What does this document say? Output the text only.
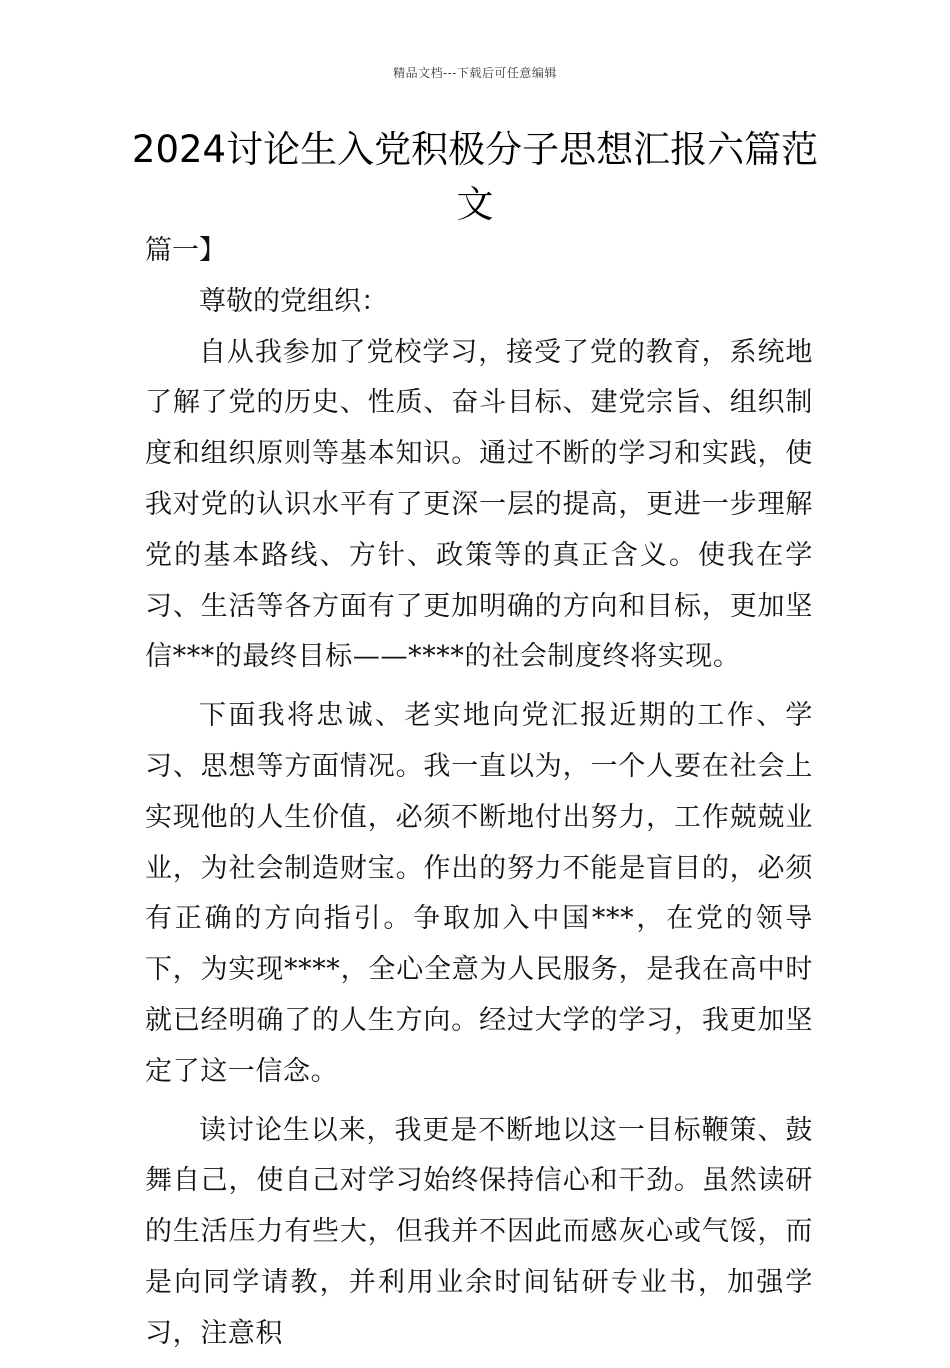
精品文档---下载后可任意编辑
2024讨论生入党积极分子思想汇报六篇范文

篇一】

尊敬的党组织：

自从我参加了党校学习，接受了党的教育，系统地了解了党的历史、性质、奋斗目标、建党宗旨、组织制度和组织原则等基本知识。通过不断的学习和实践，使我对党的认识水平有了更深一层的提高，更进一步理解党的基本路线、方针、政策等的真正含义。使我在学习、生活等各方面有了更加明确的方向和目标，更加坚信***的最终目标——****的社会制度终将实现。

下面我将忠诚、老实地向党汇报近期的工作、学习、思想等方面情况。我一直以为，一个人要在社会上实现他的人生价值，必须不断地付出努力，工作兢兢业业，为社会制造财宝。作出的努力不能是盲目的，必须有正确的方向指引。争取加入中国***，在党的领导下，为实现****，全心全意为人民服务，是我在高中时就已经明确了的人生方向。经过大学的学习，我更加坚定了这一信念。

读讨论生以来，我更是不断地以这一目标鞭策、鼓舞自己，使自己对学习始终保持信心和干劲。虽然读研的生活压力有些大，但我并不因此而感灰心或气馁，而是向同学请教，并利用业余时间钻研专业书，加强学习，注意积
